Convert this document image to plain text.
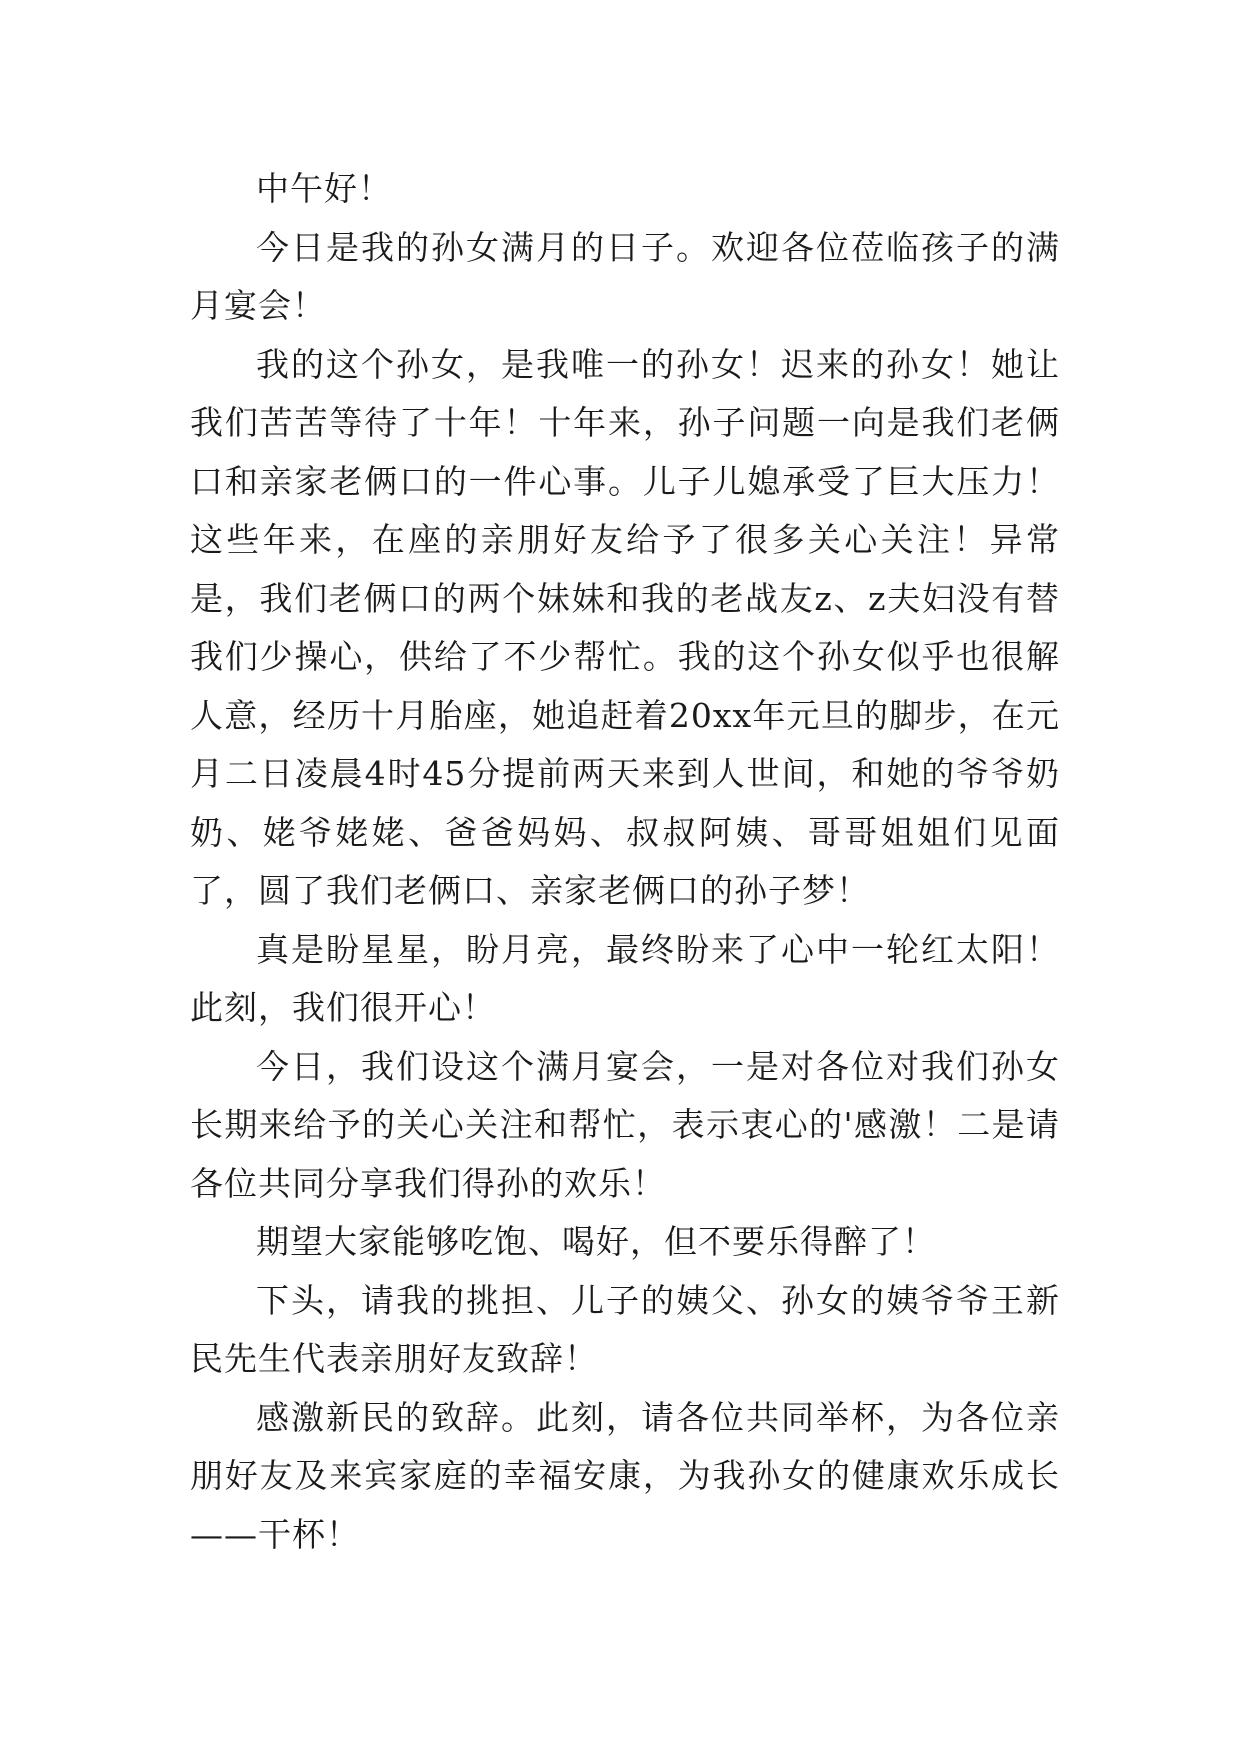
中午好！

今日是我的孙女满月的日子。欢迎各位莅临孩子的满月宴会！

我的这个孙女，是我唯一的孙女！迟来的孙女！她让我们苦苦等待了十年！十年来，孙子问题一向是我们老俩口和亲家老俩口的一件心事。儿子儿媳承受了巨大压力！这些年来，在座的亲朋好友给予了很多关心关注！异常是，我们老俩口的两个妹妹和我的老战友z、z夫妇没有替我们少操心，供给了不少帮忙。我的这个孙女似乎也很解人意，经历十月胎座，她追赶着20xx年元旦的脚步，在元月二日凌晨4时45分提前两天来到人世间，和她的爷爷奶奶、姥爷姥姥、爸爸妈妈、叔叔阿姨、哥哥姐姐们见面了，圆了我们老俩口、亲家老俩口的孙子梦！

真是盼星星，盼月亮，最终盼来了心中一轮红太阳！此刻，我们很开心！

今日，我们设这个满月宴会，一是对各位对我们孙女长期来给予的关心关注和帮忙，表示衷心的'感激！二是请各位共同分享我们得孙的欢乐！

期望大家能够吃饱、喝好，但不要乐得醉了！

下头，请我的挑担、儿子的姨父、孙女的姨爷爷王新民先生代表亲朋好友致辞！

感激新民的致辞。此刻，请各位共同举杯，为各位亲朋好友及来宾家庭的幸福安康，为我孙女的健康欢乐成长——干杯！
